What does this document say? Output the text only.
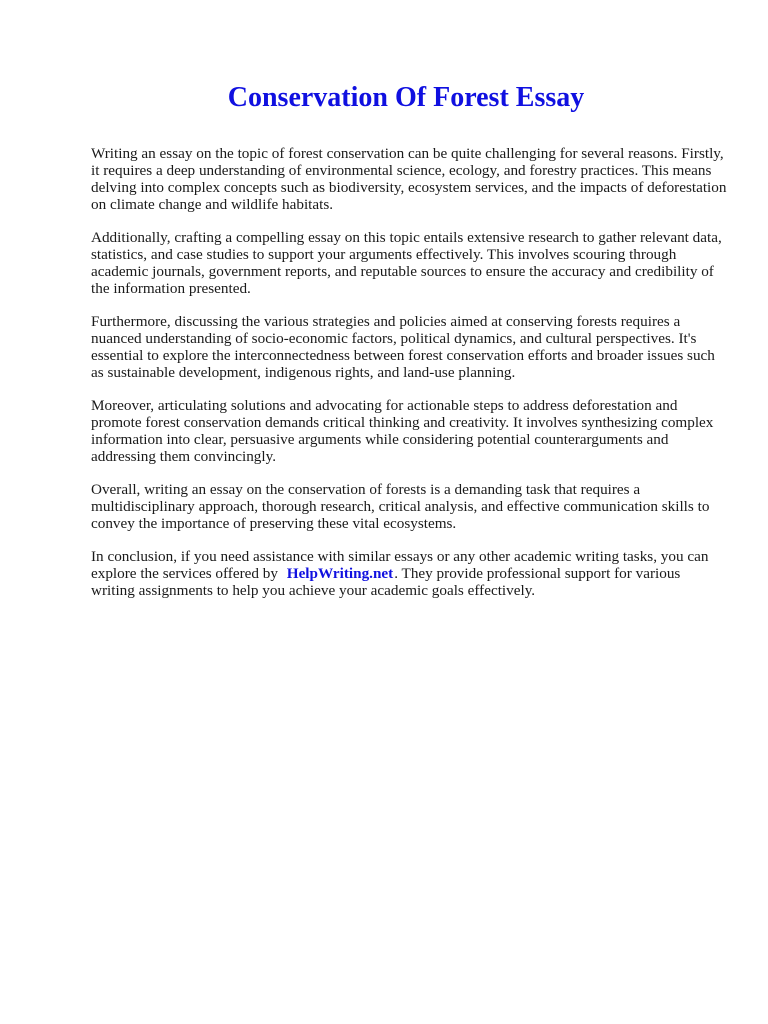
Conservation Of Forest Essay

Writing an essay on the topic of forest conservation can be quite challenging for several reasons. Firstly, it requires a deep understanding of environmental science, ecology, and forestry practices. This means delving into complex concepts such as biodiversity, ecosystem services, and the impacts of deforestation on climate change and wildlife habitats.

Additionally, crafting a compelling essay on this topic entails extensive research to gather relevant data, statistics, and case studies to support your arguments effectively. This involves scouring through academic journals, government reports, and reputable sources to ensure the accuracy and credibility of the information presented.

Furthermore, discussing the various strategies and policies aimed at conserving forests requires a nuanced understanding of socio-economic factors, political dynamics, and cultural perspectives. It's essential to explore the interconnectedness between forest conservation efforts and broader issues such as sustainable development, indigenous rights, and land-use planning.

Moreover, articulating solutions and advocating for actionable steps to address deforestation and promote forest conservation demands critical thinking and creativity. It involves synthesizing complex information into clear, persuasive arguments while considering potential counterarguments and addressing them convincingly.

Overall, writing an essay on the conservation of forests is a demanding task that requires a multidisciplinary approach, thorough research, critical analysis, and effective communication skills to convey the importance of preserving these vital ecosystems.

In conclusion, if you need assistance with similar essays or any other academic writing tasks, you can explore the services offered by HelpWriting.net. They provide professional support for various writing assignments to help you achieve your academic goals effectively.
